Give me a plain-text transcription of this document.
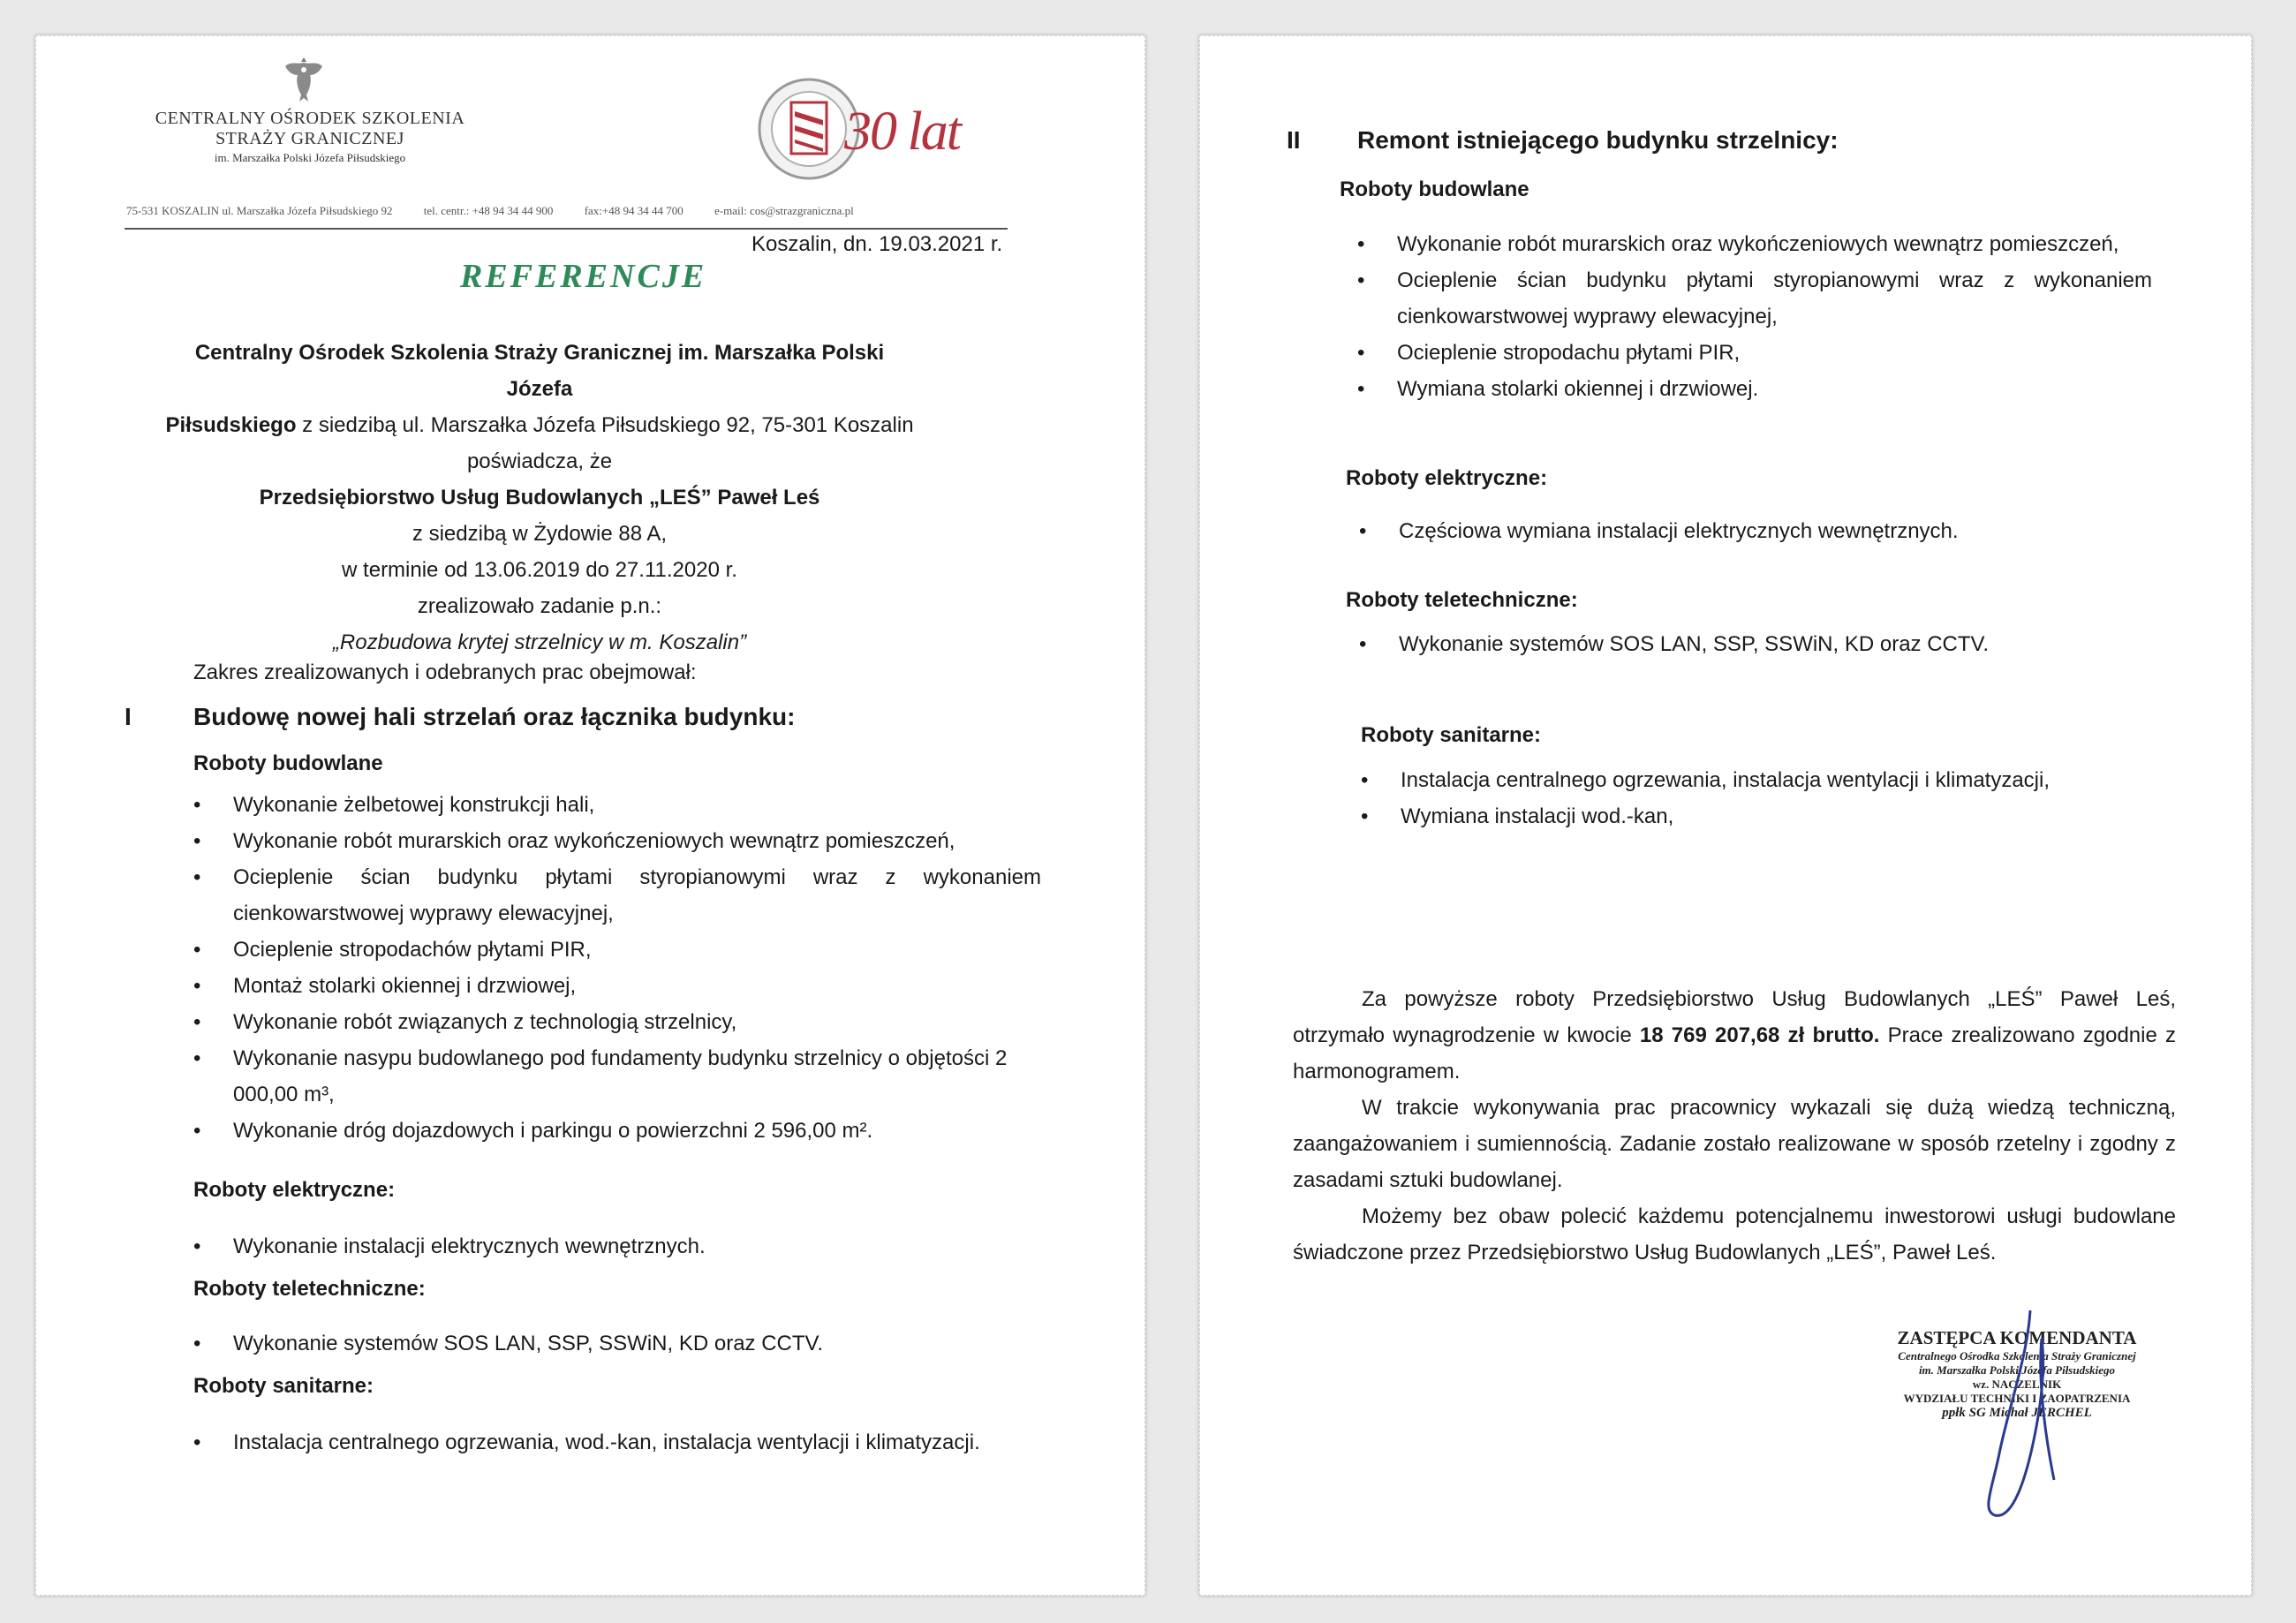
CENTRALNY OŚRODEK SZKOLENIA
STRAŻY GRANICZNEJ
im. Marszałka Polski Józefa Piłsudskiego	30 lat
75-531 KOSZALIN ul. Marszałka Józefa Piłsudskiego 92	tel. centr.: +48 94 34 44 900	fax:+48 94 34 44 700	e-mail: cos@strazgraniczna.pl
Koszalin, dn. 19.03.2021 r.
REFERENCJE
Centralny Ośrodek Szkolenia Straży Granicznej im. Marszałka Polski Józefa
Piłsudskiego z siedzibą ul. Marszałka Józefa Piłsudskiego 92, 75-301 Koszalin
poświadcza, że
Przedsiębiorstwo Usług Budowlanych „LEŚ” Paweł Leś
z siedzibą w Żydowie 88 A,
w terminie od 13.06.2019 do 27.11.2020 r.
zrealizowało zadanie p.n.:
„Rozbudowa krytej strzelnicy w m. Koszalin”
Zakres zrealizowanych i odebranych prac obejmował:
I	Budowę nowej hali strzelań oraz łącznika budynku:
Roboty budowlane
• Wykonanie żelbetowej konstrukcji hali,
• Wykonanie robót murarskich oraz wykończeniowych wewnątrz pomieszczeń,
• Ocieplenie ścian budynku płytami styropianowymi wraz z wykonaniem cienkowarstwowej wyprawy elewacyjnej,
• Ocieplenie stropodachów płytami PIR,
• Montaż stolarki okiennej i drzwiowej,
• Wykonanie robót związanych z technologią strzelnicy,
• Wykonanie nasypu budowlanego pod fundamenty budynku strzelnicy o objętości 2 000,00 m³,
• Wykonanie dróg dojazdowych i parkingu o powierzchni 2 596,00 m².
Roboty elektryczne:
• Wykonanie instalacji elektrycznych wewnętrznych.
Roboty teletechniczne:
• Wykonanie systemów SOS LAN, SSP, SSWiN, KD oraz CCTV.
Roboty sanitarne:
• Instalacja centralnego ogrzewania, wod.-kan, instalacja wentylacji i klimatyzacji.
II Remont istniejącego budynku strzelnicy:
Roboty budowlane
• Wykonanie robót murarskich oraz wykończeniowych wewnątrz pomieszczeń,
• Ocieplenie ścian budynku płytami styropianowymi wraz z wykonaniem cienkowarstwowej wyprawy elewacyjnej,
• Ocieplenie stropodachu płytami PIR,
• Wymiana stolarki okiennej i drzwiowej.
Roboty elektryczne:
• Częściowa wymiana instalacji elektrycznych wewnętrznych.
Roboty teletechniczne:
• Wykonanie systemów SOS LAN, SSP, SSWiN, KD oraz CCTV.
Roboty sanitarne:
• Instalacja centralnego ogrzewania, instalacja wentylacji i klimatyzacji,
• Wymiana instalacji wod.-kan,
Za powyższe roboty Przedsiębiorstwo Usług Budowlanych „LEŚ” Paweł Leś, otrzymało wynagrodzenie w kwocie 18 769 207,68 zł brutto. Prace zrealizowano zgodnie z harmonogramem.
W trakcie wykonywania prac pracownicy wykazali się dużą wiedzą techniczną, zaangażowaniem i sumiennością. Zadanie zostało realizowane w sposób rzetelny i zgodny z zasadami sztuki budowlanej.
Możemy bez obaw polecić każdemu potencjalnemu inwestorowi usługi budowlane świadczone przez Przedsiębiorstwo Usług Budowlanych „LEŚ”, Paweł Leś.
ZASTĘPCA KOMENDANTA
Centralnego Ośrodka Szkolenia Straży Granicznej
im. Marszałka Polski Józefa Piłsudskiego
wz. NACZELNIK
WYDZIAŁU TECHNIKI I ZAOPATRZENIA
ppłk SG Michał JERCHEL
